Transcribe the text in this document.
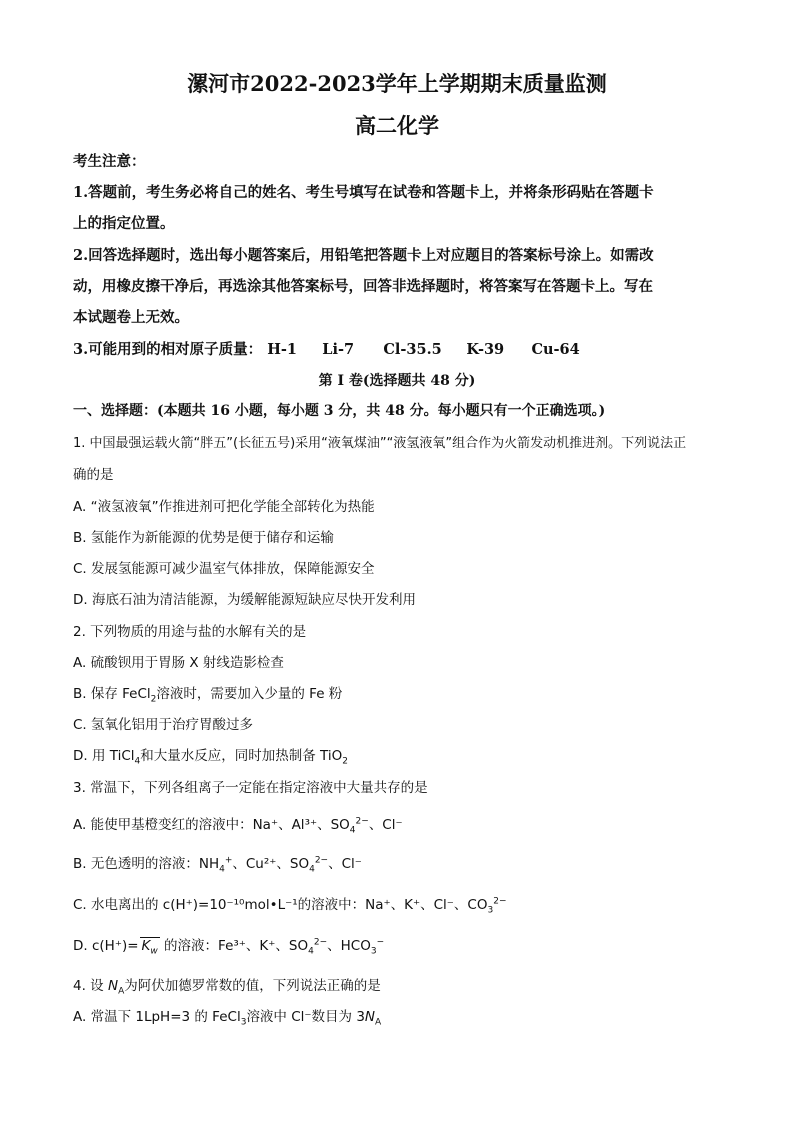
漯河市2022-2023学年上学期期末质量监测
高二化学
考生注意：
1.答题前，考生务必将自己的姓名、考生号填写在试卷和答题卡上，并将条形码贴在答题卡
上的指定位置。
2.回答选择题时，选出每小题答案后，用铅笔把答题卡上对应题目的答案标号涂上。如需改
动，用橡皮擦干净后，再选涂其他答案标号，回答非选择题时，将答案写在答题卡上。写在
本试题卷上无效。
3.可能用到的相对原子质量： H-1 Li-7 Cl-35.5 K-39 Cu-64
第 I 卷(选择题共 48 分)
一、选择题：(本题共 16 小题，每小题 3 分，共 48 分。每小题只有一个正确选项。)
1. 中国最强运载火箭“胖五”(长征五号)采用“液氧煤油”“液氢液氧”组合作为火箭发动机推进剂。下列说法正
确的是
A. “液氢液氧”作推进剂可把化学能全部转化为热能
B. 氢能作为新能源的优势是便于储存和运输
C. 发展氢能源可减少温室气体排放，保障能源安全
D. 海底石油为清洁能源，为缓解能源短缺应尽快开发利用
2. 下列物质的用途与盐的水解有关的是
A. 硫酸钡用于胃肠 X 射线造影检查
B. 保存 FeCl$_2$溶液时，需要加入少量的 Fe 粉
C. 氢氧化铝用于治疗胃酸过多
D. 用 TiCl$_4$和大量水反应，同时加热制备 TiO$_2$
3. 常温下，下列各组离子一定能在指定溶液中大量共存的是
A. 能使甲基橙变红的溶液中：Na⁺、Al³⁺、$SO_4^{2-}$、Cl⁻
B. 无色透明的溶液：$NH_4^+$、Cu²⁺、$SO_4^{2-}$、Cl⁻
C. 水电离出的 c(H⁺)=10⁻¹⁰mol•L⁻¹的溶液中：Na⁺、K⁺、Cl⁻、$CO_3^{2-}$
D. $c(H^+)= K_w$ 的溶液：Fe³⁺、K⁺、$SO_4^{2-}$、$HCO_3^-$
4. 设 $N_A$为阿伏加德罗常数的值，下列说法正确的是
A. 常温下 1LpH=3 的 FeCl$_3$溶液中 Cl⁻数目为 $3N_A$
